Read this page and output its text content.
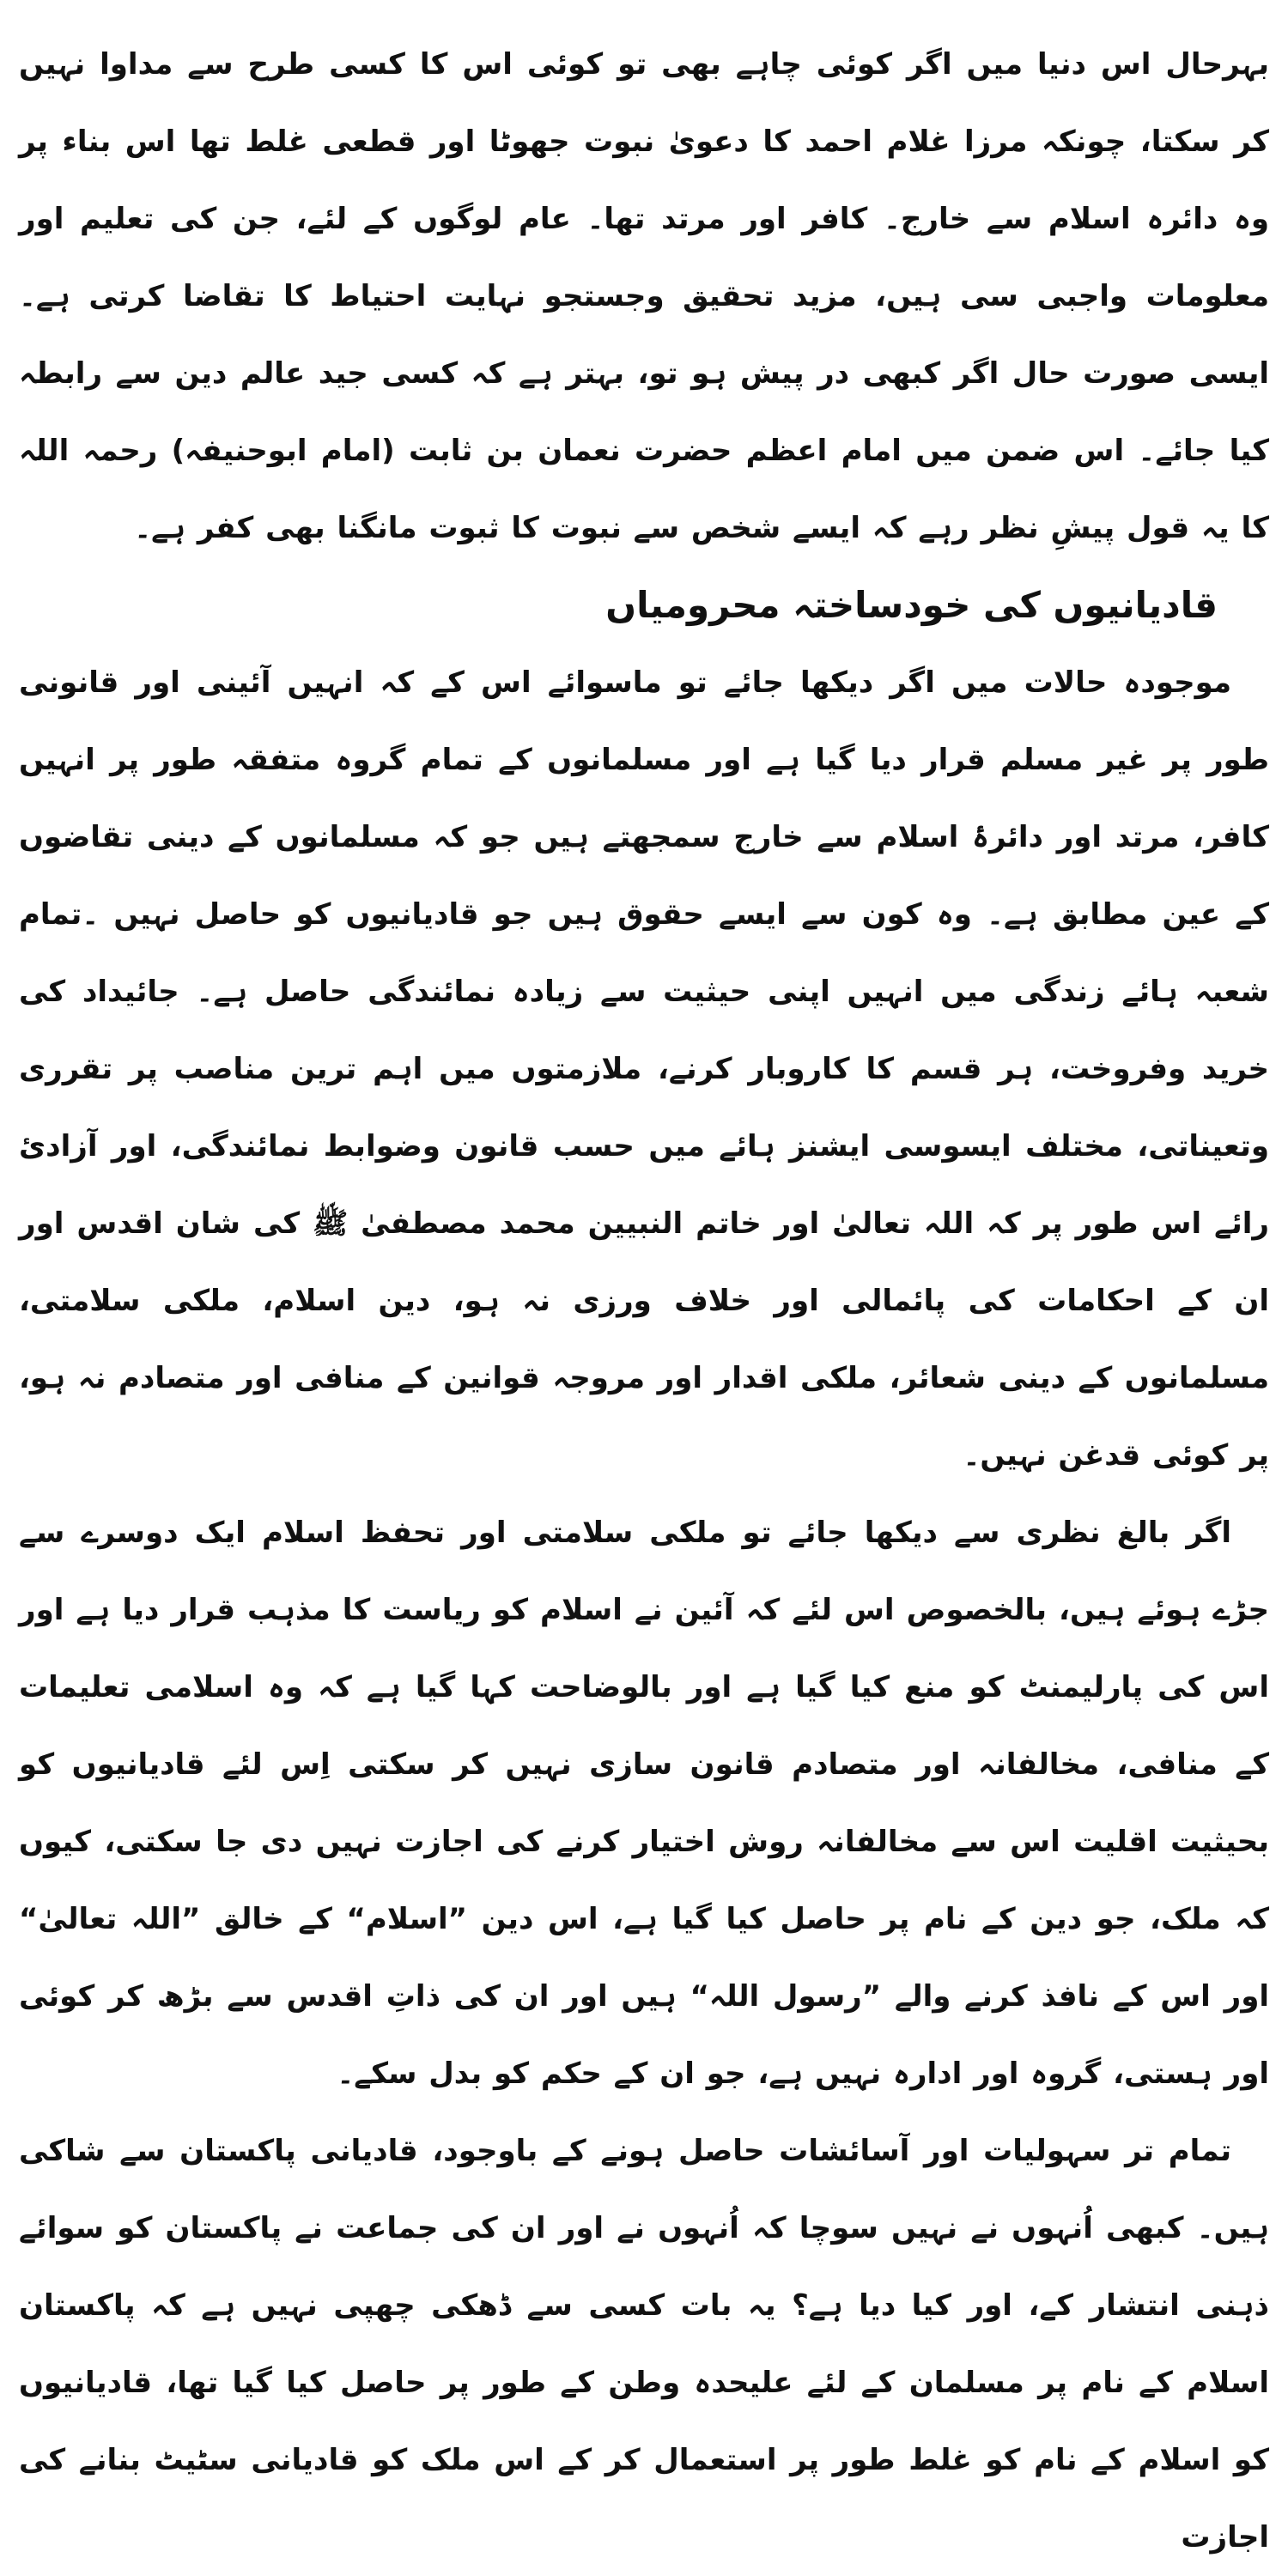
بہرحال اس دنیا میں اگر کوئی چاہے بھی تو کوئی اس کا کسی طرح سے مداوا نہیں کر سکتا، چونکہ مرزا غلام احمد کا دعویٰ نبوت جھوٹا اور قطعی غلط تھا اس بناء پر وہ دائرہ اسلام سے خارج۔ کافر اور مرتد تھا۔ عام لوگوں کے لئے، جن کی تعلیم اور معلومات واجبی سی ہیں، مزید تحقیق وجستجو نہایت احتیاط کا تقاضا کرتی ہے۔ ایسی صورت حال اگر کبھی در پیش ہو تو، بہتر ہے کہ کسی جید عالم دین سے رابطہ کیا جائے۔ اس ضمن میں امام اعظم حضرت نعمان بن ثابت (امام ابوحنیفہ) رحمہ اللہ کا یہ قول پیشِ نظر رہے کہ ایسے شخص سے نبوت کا ثبوت مانگنا بھی کفر ہے۔

قادیانیوں کی خودساختہ محرومیاں

موجودہ حالات میں اگر دیکھا جائے تو ماسوائے اس کے کہ انہیں آئینی اور قانونی طور پر غیر مسلم قرار دیا گیا ہے اور مسلمانوں کے تمام گروہ متفقہ طور پر انہیں کافر، مرتد اور دائرۂ اسلام سے خارج سمجھتے ہیں جو کہ مسلمانوں کے دینی تقاضوں کے عین مطابق ہے۔ وہ کون سے ایسے حقوق ہیں جو قادیانیوں کو حاصل نہیں ۔تمام شعبہ ہائے زندگی میں انہیں اپنی حیثیت سے زیادہ نمائندگی حاصل ہے۔ جائیداد کی خرید وفروخت، ہر قسم کا کاروبار کرنے، ملازمتوں میں اہم ترین مناصب پر تقرری وتعیناتی، مختلف ایسوسی ایشنز ہائے میں حسب قانون وضوابط نمائندگی، اور آزادیٔ رائے اس طور پر کہ اللہ تعالیٰ اور خاتم النبیین محمد مصطفیٰ ﷺ کی شان اقدس اور ان کے احکامات کی پائمالی اور خلاف ورزی نہ ہو، دین اسلام، ملکی سلامتی، مسلمانوں کے دینی شعائر، ملکی اقدار اور مروجہ قوانین کے منافی اور متصادم نہ ہو، پر کوئی قدغن نہیں۔

اگر بالغ نظری سے دیکھا جائے تو ملکی سلامتی اور تحفظ اسلام ایک دوسرے سے جڑے ہوئے ہیں، بالخصوص اس لئے کہ آئین نے اسلام کو ریاست کا مذہب قرار دیا ہے اور اس کی پارلیمنٹ کو منع کیا گیا ہے اور بالوضاحت کہا گیا ہے کہ وہ اسلامی تعلیمات کے منافی، مخالفانہ اور متصادم قانون سازی نہیں کر سکتی اِس لئے قادیانیوں کو بحیثیت اقلیت اس سے مخالفانہ روش اختیار کرنے کی اجازت نہیں دی جا سکتی، کیوں کہ ملک، جو دین کے نام پر حاصل کیا گیا ہے، اس دین ”اسلام“ کے خالق ”اللہ تعالیٰ“ اور اس کے نافذ کرنے والے ”رسول اللہ“ ہیں اور ان کی ذاتِ اقدس سے بڑھ کر کوئی اور ہستی، گروہ اور ادارہ نہیں ہے، جو ان کے حکم کو بدل سکے۔

تمام تر سہولیات اور آسائشات حاصل ہونے کے باوجود، قادیانی پاکستان سے شاکی ہیں۔ کبھی اُنہوں نے نہیں سوچا کہ اُنہوں نے اور ان کی جماعت نے پاکستان کو سوائے ذہنی انتشار کے، اور کیا دیا ہے؟ یہ بات کسی سے ڈھکی چھپی نہیں ہے کہ پاکستان اسلام کے نام پر مسلمان کے لئے علیحدہ وطن کے طور پر حاصل کیا گیا تھا، قادیانیوں کو اسلام کے نام کو غلط طور پر استعمال کر کے اس ملک کو قادیانی سٹیٹ بنانے کی اجازت
